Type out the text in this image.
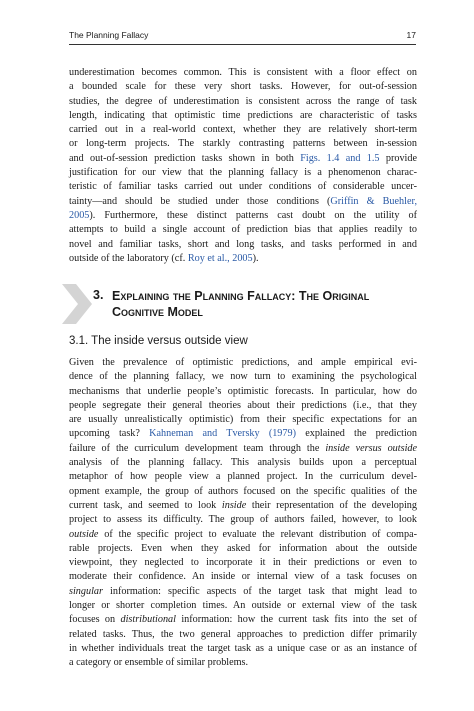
The Planning Fallacy	17
underestimation becomes common. This is consistent with a floor effect on
a bounded scale for these very short tasks. However, for out-of-session
studies, the degree of underestimation is consistent across the range of task
length, indicating that optimistic time predictions are characteristic of tasks
carried out in a real-world context, whether they are relatively short-term
or long-term projects. The starkly contrasting patterns between in-session
and out-of-session prediction tasks shown in both Figs. 1.4 and 1.5 provide
justification for our view that the planning fallacy is a phenomenon charac-
teristic of familiar tasks carried out under conditions of considerable uncer-
tainty—and should be studied under those conditions (Griffin & Buehler,
2005). Furthermore, these distinct patterns cast doubt on the utility of
attempts to build a single account of prediction bias that applies readily to
novel and familiar tasks, short and long tasks, and tasks performed in and
outside of the laboratory (cf. Roy et al., 2005).
3. Explaining the Planning Fallacy: The Original
Cognitive Model
3.1. The inside versus outside view
Given the prevalence of optimistic predictions, and ample empirical evi-
dence of the planning fallacy, we now turn to examining the psychological
mechanisms that underlie people’s optimistic forecasts. In particular, how do
people segregate their general theories about their predictions (i.e., that they
are usually unrealistically optimistic) from their specific expectations for an
upcoming task? Kahneman and Tversky (1979) explained the prediction
failure of the curriculum development team through the inside versus outside
analysis of the planning fallacy. This analysis builds upon a perceptual
metaphor of how people view a planned project. In the curriculum devel-
opment example, the group of authors focused on the specific qualities of the
current task, and seemed to look inside their representation of the developing
project to assess its difficulty. The group of authors failed, however, to look
outside of the specific project to evaluate the relevant distribution of compa-
rable projects. Even when they asked for information about the outside
viewpoint, they neglected to incorporate it in their predictions or even to
moderate their confidence. An inside or internal view of a task focuses on
singular information: specific aspects of the target task that might lead to
longer or shorter completion times. An outside or external view of the task
focuses on distributional information: how the current task fits into the set of
related tasks. Thus, the two general approaches to prediction differ primarily
in whether individuals treat the target task as a unique case or as an instance of
a category or ensemble of similar problems.
